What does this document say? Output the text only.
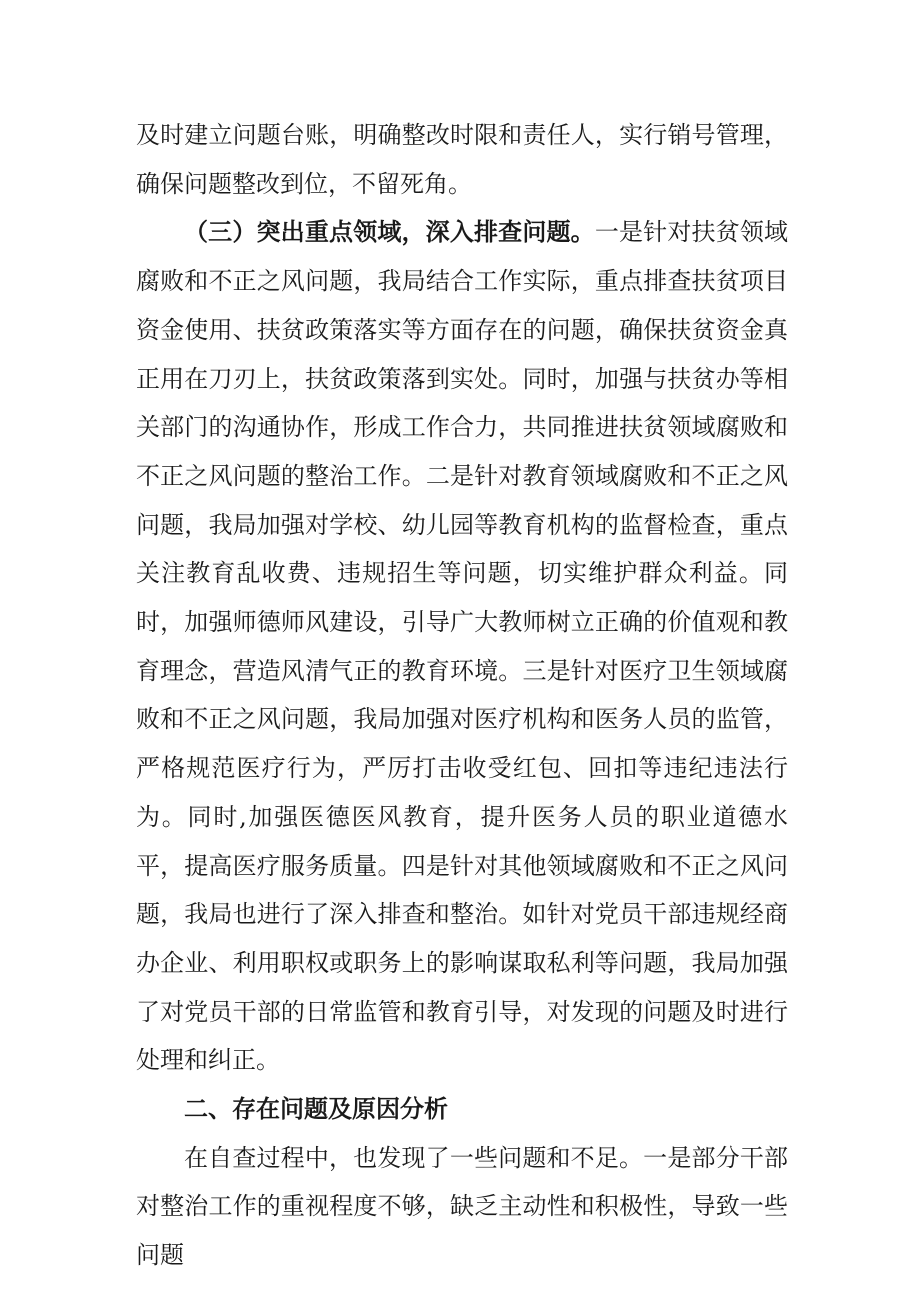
及时建立问题台账，明确整改时限和责任人，实行销号管理，确保问题整改到位，不留死角。

（三）突出重点领域，深入排查问题。一是针对扶贫领域腐败和不正之风问题，我局结合工作实际，重点排查扶贫项目资金使用、扶贫政策落实等方面存在的问题，确保扶贫资金真正用在刀刃上，扶贫政策落到实处。同时，加强与扶贫办等相关部门的沟通协作，形成工作合力，共同推进扶贫领域腐败和不正之风问题的整治工作。二是针对教育领域腐败和不正之风问题，我局加强对学校、幼儿园等教育机构的监督检查，重点关注教育乱收费、违规招生等问题，切实维护群众利益。同时，加强师德师风建设，引导广大教师树立正确的价值观和教育理念，营造风清气正的教育环境。三是针对医疗卫生领域腐败和不正之风问题，我局加强对医疗机构和医务人员的监管，严格规范医疗行为，严厉打击收受红包、回扣等违纪违法行为。同时,加强医德医风教育，提升医务人员的职业道德水平，提高医疗服务质量。四是针对其他领域腐败和不正之风问题，我局也进行了深入排查和整治。如针对党员干部违规经商办企业、利用职权或职务上的影响谋取私利等问题，我局加强了对党员干部的日常监管和教育引导，对发现的问题及时进行处理和纠正。

二、存在问题及原因分析

在自查过程中，也发现了一些问题和不足。一是部分干部对整治工作的重视程度不够，缺乏主动性和积极性，导致一些问题
